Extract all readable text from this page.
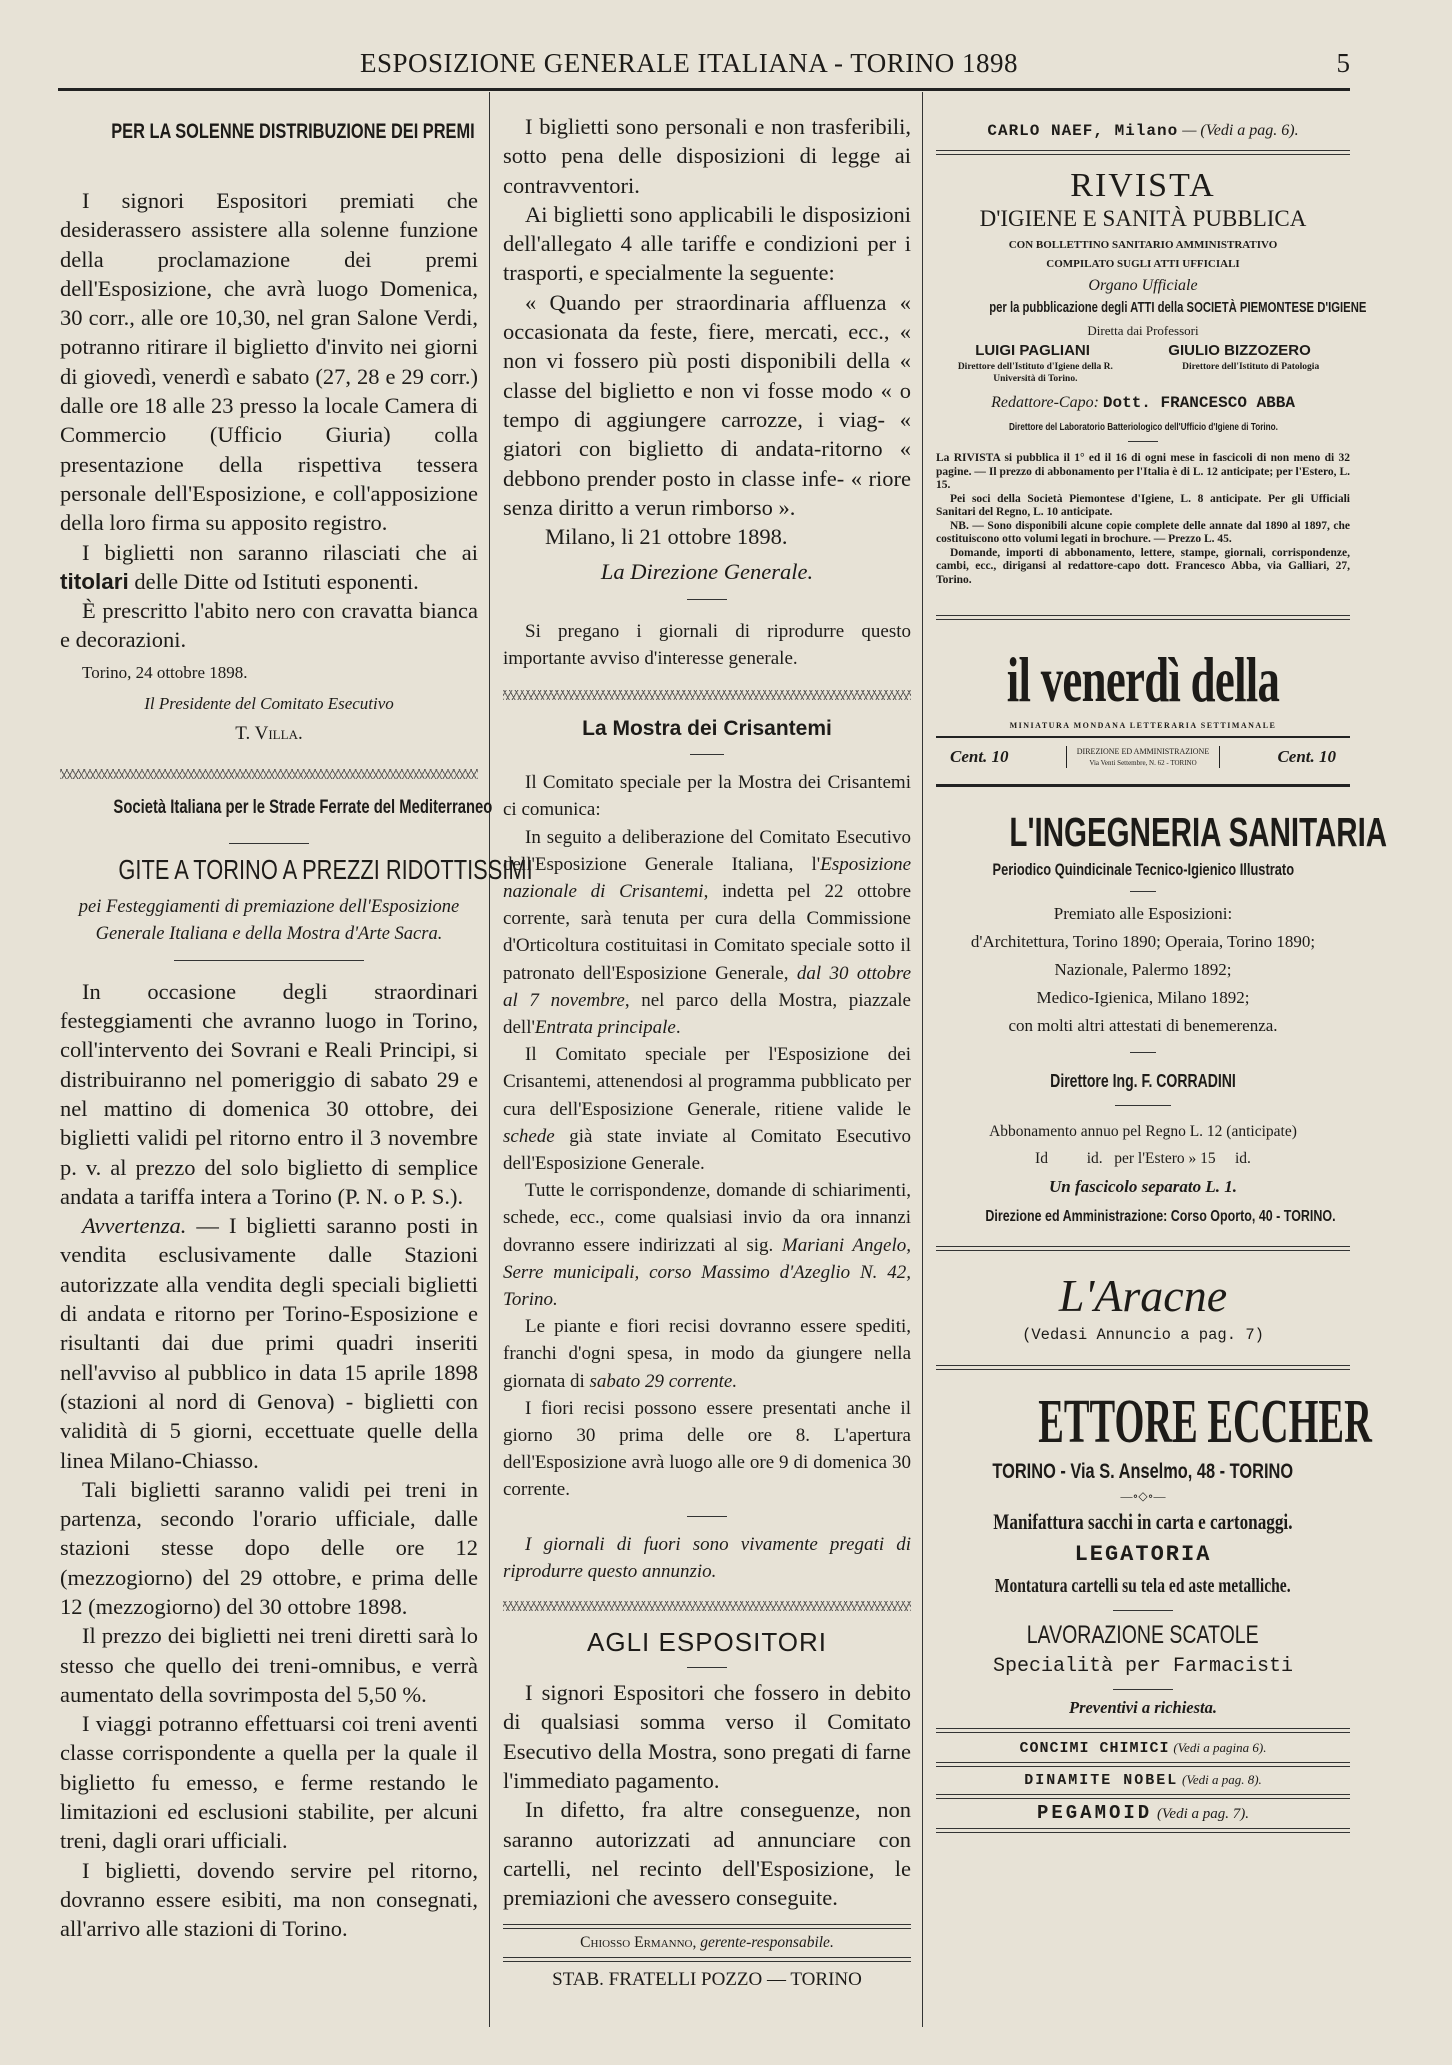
ESPOSIZIONE GENERALE ITALIANA - TORINO 1898	5
PER LA SOLENNE DISTRIBUZIONE DEI PREMI

I signori Espositori premiati che desiderassero assistere alla solenne funzione della proclamazione dei premi dell'Esposizione, che avrà luogo Domenica, 30 corr., alle ore 10,30, nel gran Salone Verdi, potranno ritirare il biglietto d'invito nei giorni di giovedì, venerdì e sabato (27, 28 e 29 corr.) dalle ore 18 alle 23 presso la locale Camera di Commercio (Ufficio Giuria) colla presentazione della rispettiva tessera personale dell'Esposizione, e coll'apposizione della loro firma su apposito registro.

I biglietti non saranno rilasciati che ai titolari delle Ditte od Istituti esponenti.

È prescritto l'abito nero con cravatta bianca e decorazioni.

Torino, 24 ottobre 1898.

Il Presidente del Comitato Esecutivo

T. Villa.

Società Italiana per le Strade Ferrate del Mediterraneo
GITE A TORINO A PREZZI RIDOTTISSIMI

pei Festeggiamenti di premiazione dell'Esposizione Generale Italiana e della Mostra d'Arte Sacra.

In occasione degli straordinari festeggiamenti che avranno luogo in Torino, coll'intervento dei Sovrani e Reali Principi, si distribuiranno nel pomeriggio di sabato 29 e nel mattino di domenica 30 ottobre, dei biglietti validi pel ritorno entro il 3 novembre p. v. al prezzo del solo biglietto di semplice andata a tariffa intera a Torino (P. N. o P. S.).

Avvertenza. — I biglietti saranno posti in vendita esclusivamente dalle Stazioni autorizzate alla vendita degli speciali biglietti di andata e ritorno per Torino-Esposizione e risultanti dai due primi quadri inseriti nell'avviso al pubblico in data 15 aprile 1898 (stazioni al nord di Genova) - biglietti con validità di 5 giorni, eccettuate quelle della linea Milano-Chiasso.

Tali biglietti saranno validi pei treni in partenza, secondo l'orario ufficiale, dalle stazioni stesse dopo delle ore 12 (mezzogiorno) del 29 ottobre, e prima delle 12 (mezzogiorno) del 30 ottobre 1898.

Il prezzo dei biglietti nei treni diretti sarà lo stesso che quello dei treni-omnibus, e verrà aumentato della sovrimposta del 5,50 %.

I viaggi potranno effettuarsi coi treni aventi classe corrispondente a quella per la quale il biglietto fu emesso, e ferme restando le limitazioni ed esclusioni stabilite, per alcuni treni, dagli orari ufficiali.

I biglietti, dovendo servire pel ritorno, dovranno essere esibiti, ma non consegnati, all'arrivo alle stazioni di Torino.

I biglietti sono personali e non trasferibili, sotto pena delle disposizioni di legge ai contravventori.

Ai biglietti sono applicabili le disposizioni dell'allegato 4 alle tariffe e condizioni per i trasporti, e specialmente la seguente:

« Quando per straordinaria affluenza « occasionata da feste, fiere, mercati, ecc., « non vi fossero più posti disponibili della « classe del biglietto e non vi fosse modo « o tempo di aggiungere carrozze, i viag- « giatori con biglietto di andata-ritorno « debbono prender posto in classe infe- « riore senza diritto a verun rimborso ».

Milano, li 21 ottobre 1898.

La Direzione Generale.

Si pregano i giornali di riprodurre questo importante avviso d'interesse generale.

La Mostra dei Crisantemi

Il Comitato speciale per la Mostra dei Crisantemi ci comunica:

In seguito a deliberazione del Comitato Esecutivo dell'Esposizione Generale Italiana, l'Esposizione nazionale di Crisantemi, indetta pel 22 ottobre corrente, sarà tenuta per cura della Commissione d'Orticoltura costituitasi in Comitato speciale sotto il patronato dell'Esposizione Generale, dal 30 ottobre al 7 novembre, nel parco della Mostra, piazzale dell'Entrata principale.

Il Comitato speciale per l'Esposizione dei Crisantemi, attenendosi al programma pubblicato per cura dell'Esposizione Generale, ritiene valide le schede già state inviate al Comitato Esecutivo dell'Esposizione Generale.

Tutte le corrispondenze, domande di schiarimenti, schede, ecc., come qualsiasi invio da ora innanzi dovranno essere indirizzati al sig. Mariani Angelo, Serre municipali, corso Massimo d'Azeglio N. 42, Torino.

Le piante e fiori recisi dovranno essere spediti, franchi d'ogni spesa, in modo da giungere nella giornata di sabato 29 corrente.

I fiori recisi possono essere presentati anche il giorno 30 prima delle ore 8. L'apertura dell'Esposizione avrà luogo alle ore 9 di domenica 30 corrente.

I giornali di fuori sono vivamente pregati di riprodurre questo annunzio.

AGLI ESPOSITORI

I signori Espositori che fossero in debito di qualsiasi somma verso il Comitato Esecutivo della Mostra, sono pregati di farne l'immediato pagamento.

In difetto, fra altre conseguenze, non saranno autorizzati ad annunciare con cartelli, nel recinto dell'Esposizione, le premiazioni che avessero conseguite.

Chiosso Ermanno, gerente-responsabile.

STAB. FRATELLI POZZO — TORINO

CARLO NAEF, Milano — (Vedi a pag. 6).
RIVISTA
D'IGIENE E SANITÀ PUBBLICA
CON BOLLETTINO SANITARIO AMMINISTRATIVO
COMPILATO SUGLI ATTI UFFICIALI
Organo Ufficiale
per la pubblicazione degli ATTI della SOCIETÀ PIEMONTESE D'IGIENE
Diretta dai Professori
LUIGI PAGLIANI	GIULIO BIZZOZERO
Direttore dell'Istituto d'Igiene della R. Università di Torino.
Direttore dell'Istituto di Patologia
Redattore-Capo: Dott. FRANCESCO ABBA
Direttore del Laboratorio Batteriologico dell'Ufficio d'Igiene di Torino.

La RIVISTA si pubblica il 1° ed il 16 di ogni mese in fascicoli di non meno di 32 pagine. — Il prezzo di abbonamento per l'Italia è di L. 12 anticipate; per l'Estero, L. 15.

Pei soci della Società Piemontese d'Igiene, L. 8 anticipate. Per gli Ufficiali Sanitari del Regno, L. 10 anticipate.

NB. — Sono disponibili alcune copie complete delle annate dal 1890 al 1897, che costituiscono otto volumi legati in brochure. — Prezzo L. 45.

Domande, importi di abbonamento, lettere, stampe, giornali, corrispondenze, cambi, ecc., dirigansi al redattore-capo dott. Francesco Abba, via Galliari, 27, Torino.

il venerdì della
MINIATURA MONDANA LETTERARIA SETTIMANALE
Cent. 10	DIREZIONE ED AMMINISTRAZIONE
Via Venti Settembre, N. 62 - TORINO	Cent. 10
L'INGEGNERIA SANITARIA
Periodico Quindicinale Tecnico-Igienico Illustrato
Premiato alle Esposizioni:
d'Architettura, Torino 1890; Operaia, Torino 1890;
Nazionale, Palermo 1892;
Medico-Igienica, Milano 1892;
con molti altri attestati di benemerenza.
Direttore Ing. F. CORRADINI
Abbonamento annuo pel Regno L. 12 (anticipate)
Id          id.   per l'Estero » 15     id.
Un fascicolo separato L. 1.
Direzione ed Amministrazione: Corso Oporto, 40 - TORINO.
L'Aracne
(Vedasi Annuncio a pag. 7)
ETTORE ECCHER
TORINO - Via S. Anselmo, 48 - TORINO
—∘◇∘—
Manifattura sacchi in carta e cartonaggi.
LEGATORIA
Montatura cartelli su tela ed aste metalliche.
LAVORAZIONE SCATOLE
Specialità per Farmacisti
Preventivi a richiesta.
CONCIMI CHIMICI (Vedi a pagina 6).
DINAMITE NOBEL (Vedi a pag. 8).
PEGAMOID (Vedi a pag. 7).
